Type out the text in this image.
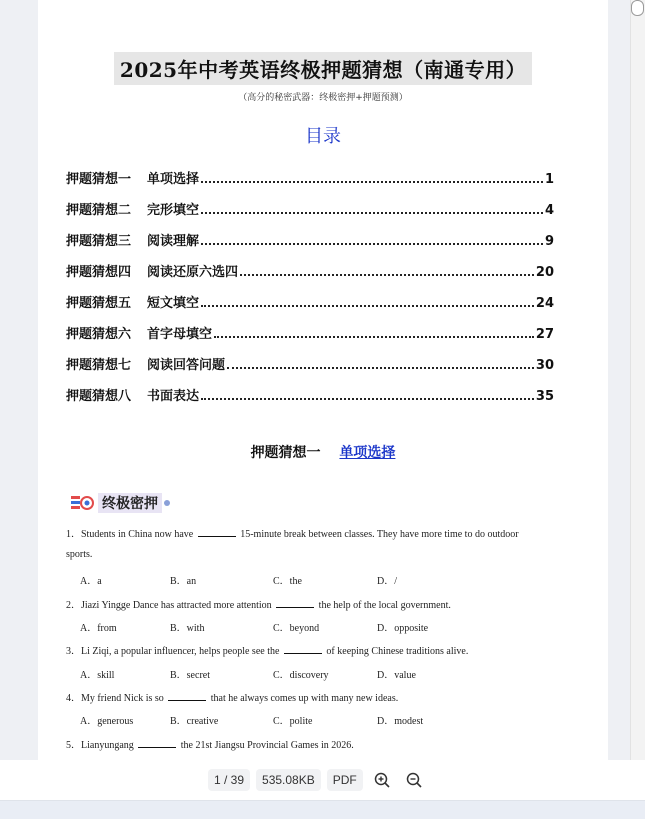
2025年中考英语终极押题猜想（南通专用）
（高分的秘密武器：终极密押+押题预测）
目录
押题猜想一 单项选择	1
押题猜想二 完形填空	4
押题猜想三 阅读理解	9
押题猜想四 阅读还原六选四	20
押题猜想五 短文填空	24
押题猜想六 首字母填空	27
押题猜想七 阅读回答问题	30
押题猜想八 书面表达	35
押题猜想一 单项选择
终极密押
1．Students in China now have	15-minute break between classes. They have more time to do outdoor
sports.
A．a	B．an	C．the	D．/
2．Jiazi Yingge Dance has attracted more attention	the help of the local government.
A．from	B．with	C．beyond	D．opposite
3．Li Ziqi, a popular influencer, helps people see the	of keeping Chinese traditions alive.
A．skill	B．secret	C．discovery	D．value
4．My friend Nick is so	that he always comes up with many new ideas.
A．generous	B．creative	C．polite	D．modest
5．Lianyungang	the 21st Jiangsu Provincial Games in 2026.
1 / 39	535.08KB	PDF
